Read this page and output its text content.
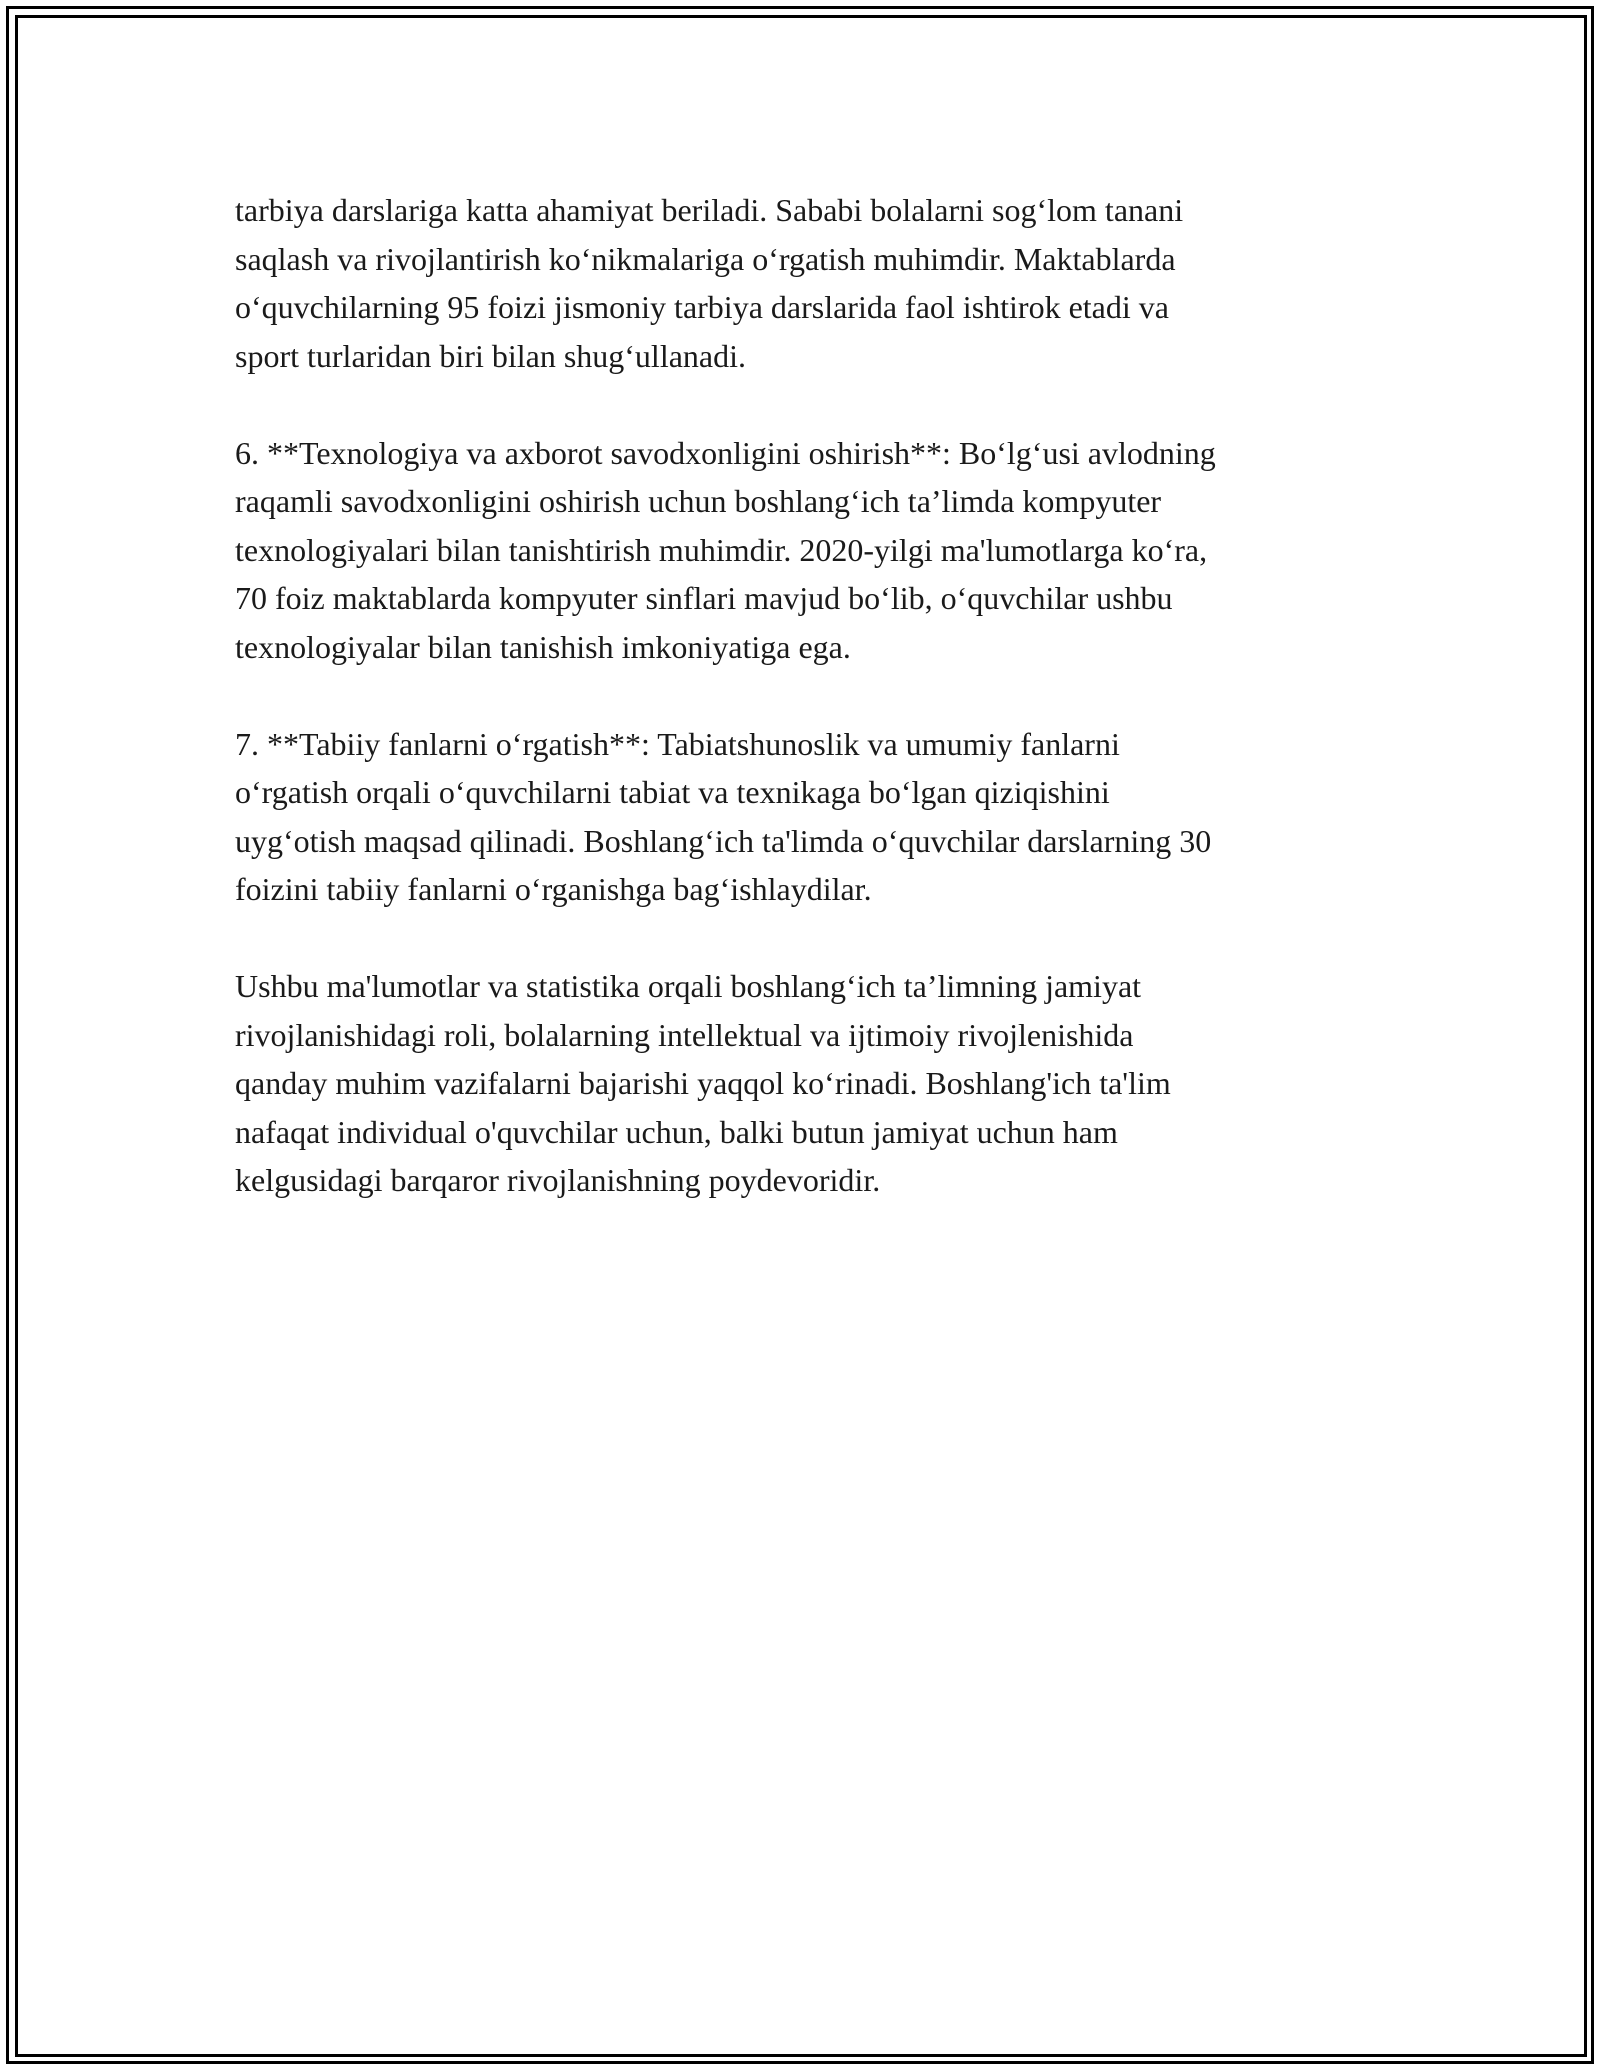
tarbiya darslariga katta ahamiyat beriladi. Sababi bolalarni sog‘lom tanani
saqlash va rivojlantirish ko‘nikmalariga o‘rgatish muhimdir. Maktablarda
o‘quvchilarning 95 foizi jismoniy tarbiya darslarida faol ishtirok etadi va
sport turlaridan biri bilan shug‘ullanadi.

6. **Texnologiya va axborot savodxonligini oshirish**: Bo‘lg‘usi avlodning
raqamli savodxonligini oshirish uchun boshlang‘ich ta’limda kompyuter
texnologiyalari bilan tanishtirish muhimdir. 2020-yilgi ma'lumotlarga ko‘ra,
70 foiz maktablarda kompyuter sinflari mavjud bo‘lib, o‘quvchilar ushbu
texnologiyalar bilan tanishish imkoniyatiga ega.

7. **Tabiiy fanlarni o‘rgatish**: Tabiatshunoslik va umumiy fanlarni
o‘rgatish orqali o‘quvchilarni tabiat va texnikaga bo‘lgan qiziqishini
uyg‘otish maqsad qilinadi. Boshlang‘ich ta'limda o‘quvchilar darslarning 30
foizini tabiiy fanlarni o‘rganishga bag‘ishlaydilar.

Ushbu ma'lumotlar va statistika orqali boshlang‘ich ta’limning jamiyat
rivojlanishidagi roli, bolalarning intellektual va ijtimoiy rivojlenishida
qanday muhim vazifalarni bajarishi yaqqol ko‘rinadi. Boshlang'ich ta'lim
nafaqat individual o'quvchilar uchun, balki butun jamiyat uchun ham
kelgusidagi barqaror rivojlanishning poydevoridir.
